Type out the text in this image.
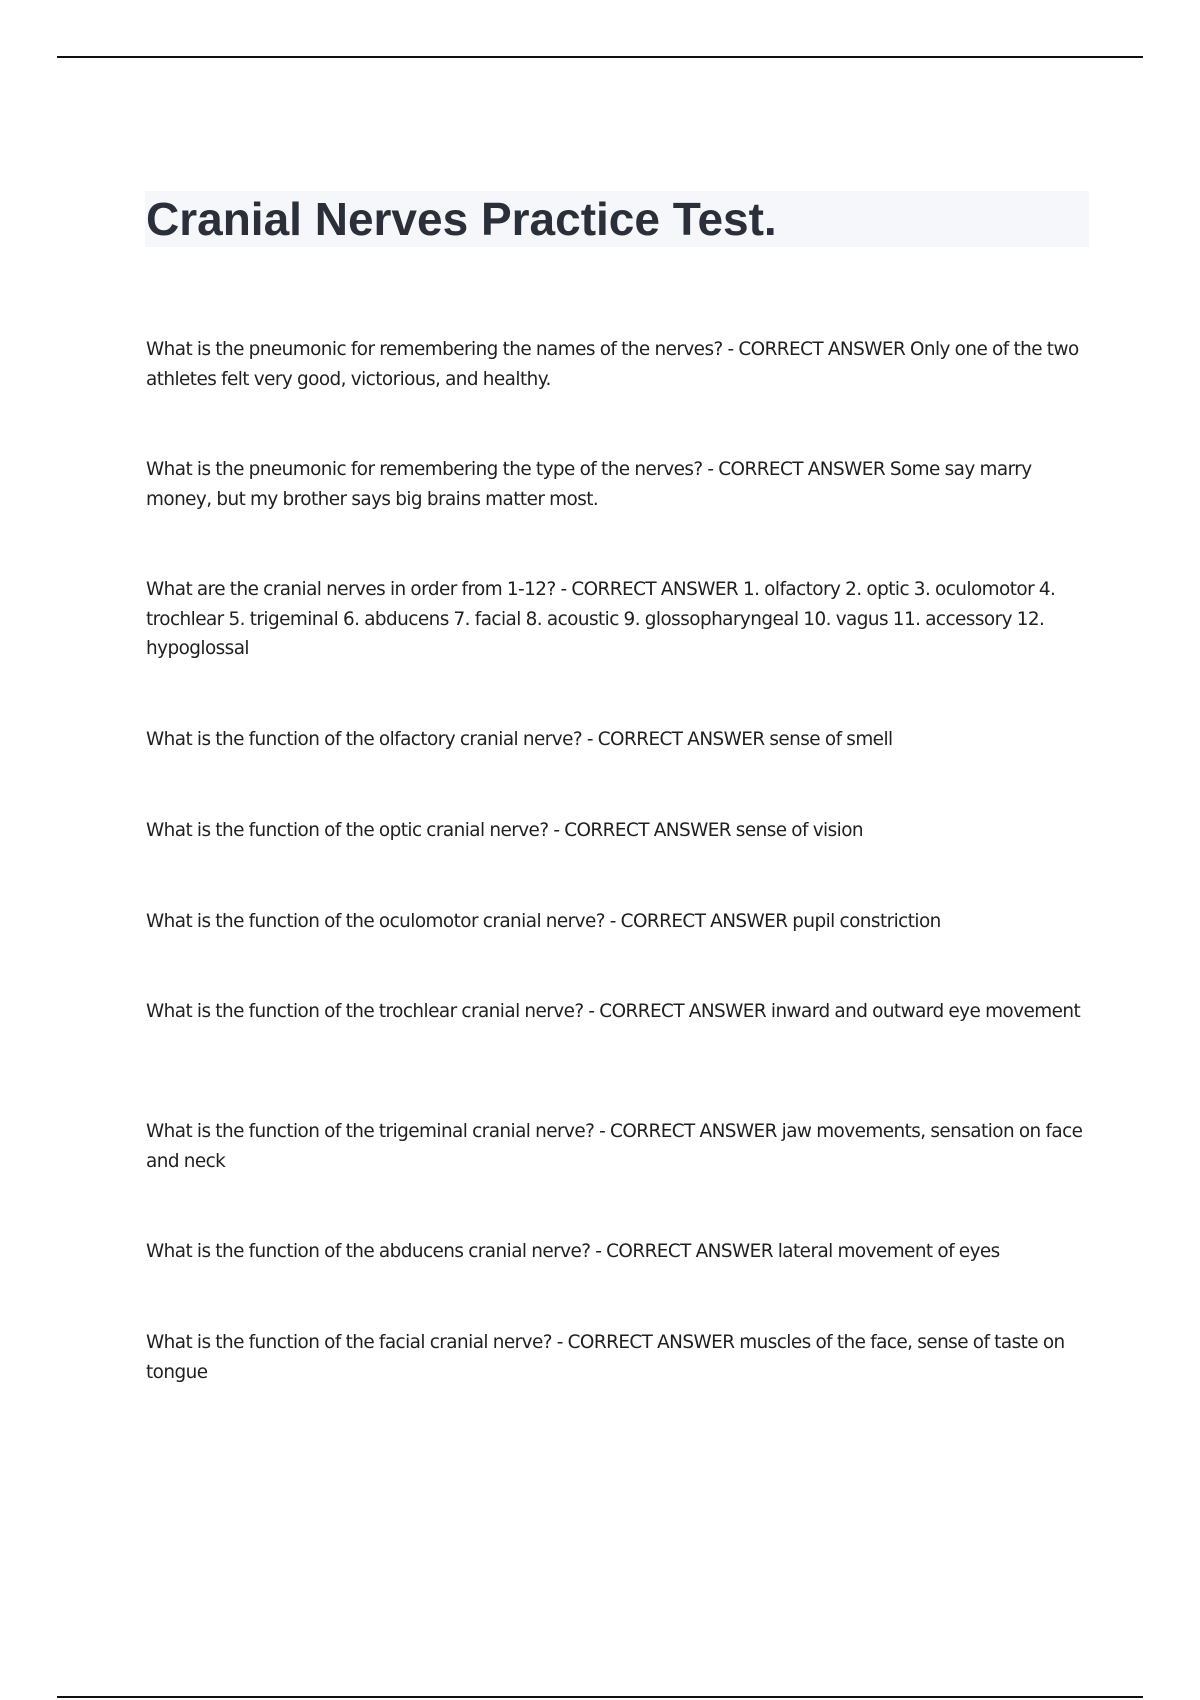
Cranial Nerves Practice Test.

What is the pneumonic for remembering the names of the nerves? - CORRECT ANSWER Only one of the two athletes felt very good, victorious, and healthy.

What is the pneumonic for remembering the type of the nerves? - CORRECT ANSWER Some say marry money, but my brother says big brains matter most.

What are the cranial nerves in order from 1-12? - CORRECT ANSWER 1. olfactory 2. optic 3. oculomotor 4. trochlear 5. trigeminal 6. abducens 7. facial 8. acoustic 9. glossopharyngeal 10. vagus 11. accessory 12. hypoglossal

What is the function of the olfactory cranial nerve? - CORRECT ANSWER sense of smell

What is the function of the optic cranial nerve? - CORRECT ANSWER sense of vision

What is the function of the oculomotor cranial nerve? - CORRECT ANSWER pupil constriction

What is the function of the trochlear cranial nerve? - CORRECT ANSWER inward and outward eye movement

What is the function of the trigeminal cranial nerve? - CORRECT ANSWER jaw movements, sensation on face and neck

What is the function of the abducens cranial nerve? - CORRECT ANSWER lateral movement of eyes

What is the function of the facial cranial nerve? - CORRECT ANSWER muscles of the face, sense of taste on tongue
